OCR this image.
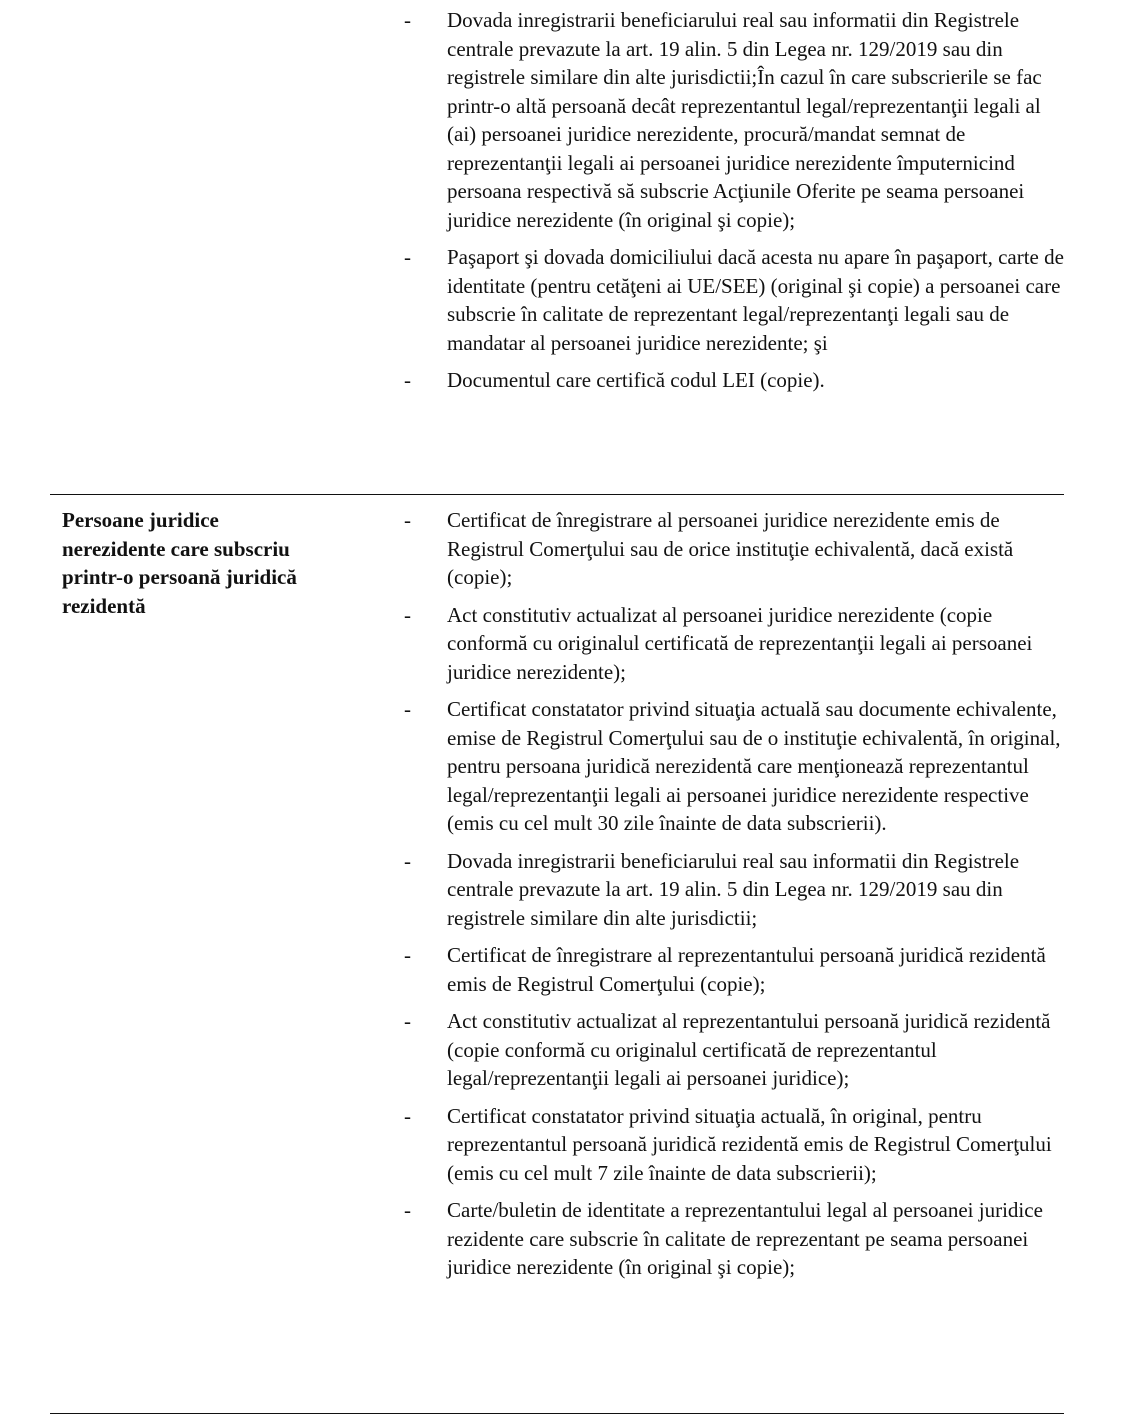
-	Dovada inregistrarii beneficiarului real sau informatii din Registrele centrale prevazute la art. 19 alin. 5 din Legea nr. 129/2019 sau din registrele similare din alte jurisdictii;În cazul în care subscrierile se fac printr-o altă persoană decât reprezentantul legal/reprezentanţii legali al (ai) persoanei juridice nerezidente, procură/mandat semnat de reprezentanţii legali ai persoanei juridice nerezidente împuternicind persoana respectivă să subscrie Acţiunile Oferite pe seama persoanei juridice nerezidente (în original şi copie);
-	Paşaport şi dovada domiciliului dacă acesta nu apare în paşaport, carte de identitate (pentru cetăţeni ai UE/SEE) (original şi copie) a persoanei care subscrie în calitate de reprezentant legal/reprezentanţi legali sau de mandatar al persoanei juridice nerezidente; şi
-	Documentul care certifică codul LEI (copie).
Persoane juridice nerezidente care subscriu printr-o persoană juridică rezidentă
-	Certificat de înregistrare al persoanei juridice nerezidente emis de Registrul Comerţului sau de orice instituţie echivalentă, dacă există (copie);
-	Act constitutiv actualizat al persoanei juridice nerezidente (copie conformă cu originalul certificată de reprezentanţii legali ai persoanei juridice nerezidente);
-	Certificat constatator privind situaţia actuală sau documente echivalente, emise de Registrul Comerţului sau de o instituţie echivalentă, în original, pentru persoana juridică nerezidentă care menţionează reprezentantul legal/reprezentanţii legali ai persoanei juridice nerezidente respective (emis cu cel mult 30 zile înainte de data subscrierii).
-	Dovada inregistrarii beneficiarului real sau informatii din Registrele centrale prevazute la art. 19 alin. 5 din Legea nr. 129/2019 sau din registrele similare din alte jurisdictii;
-	Certificat de înregistrare al reprezentantului persoană juridică rezidentă emis de Registrul Comerţului (copie);
-	Act constitutiv actualizat al reprezentantului persoană juridică rezidentă (copie conformă cu originalul certificată de reprezentantul legal/reprezentanţii legali ai persoanei juridice);
-	Certificat constatator privind situaţia actuală, în original, pentru reprezentantul persoană juridică rezidentă emis de Registrul Comerţului (emis cu cel mult 7 zile înainte de data subscrierii);
-	Carte/buletin de identitate a reprezentantului legal al persoanei juridice rezidente care subscrie în calitate de reprezentant pe seama persoanei juridice nerezidente (în original şi copie);
